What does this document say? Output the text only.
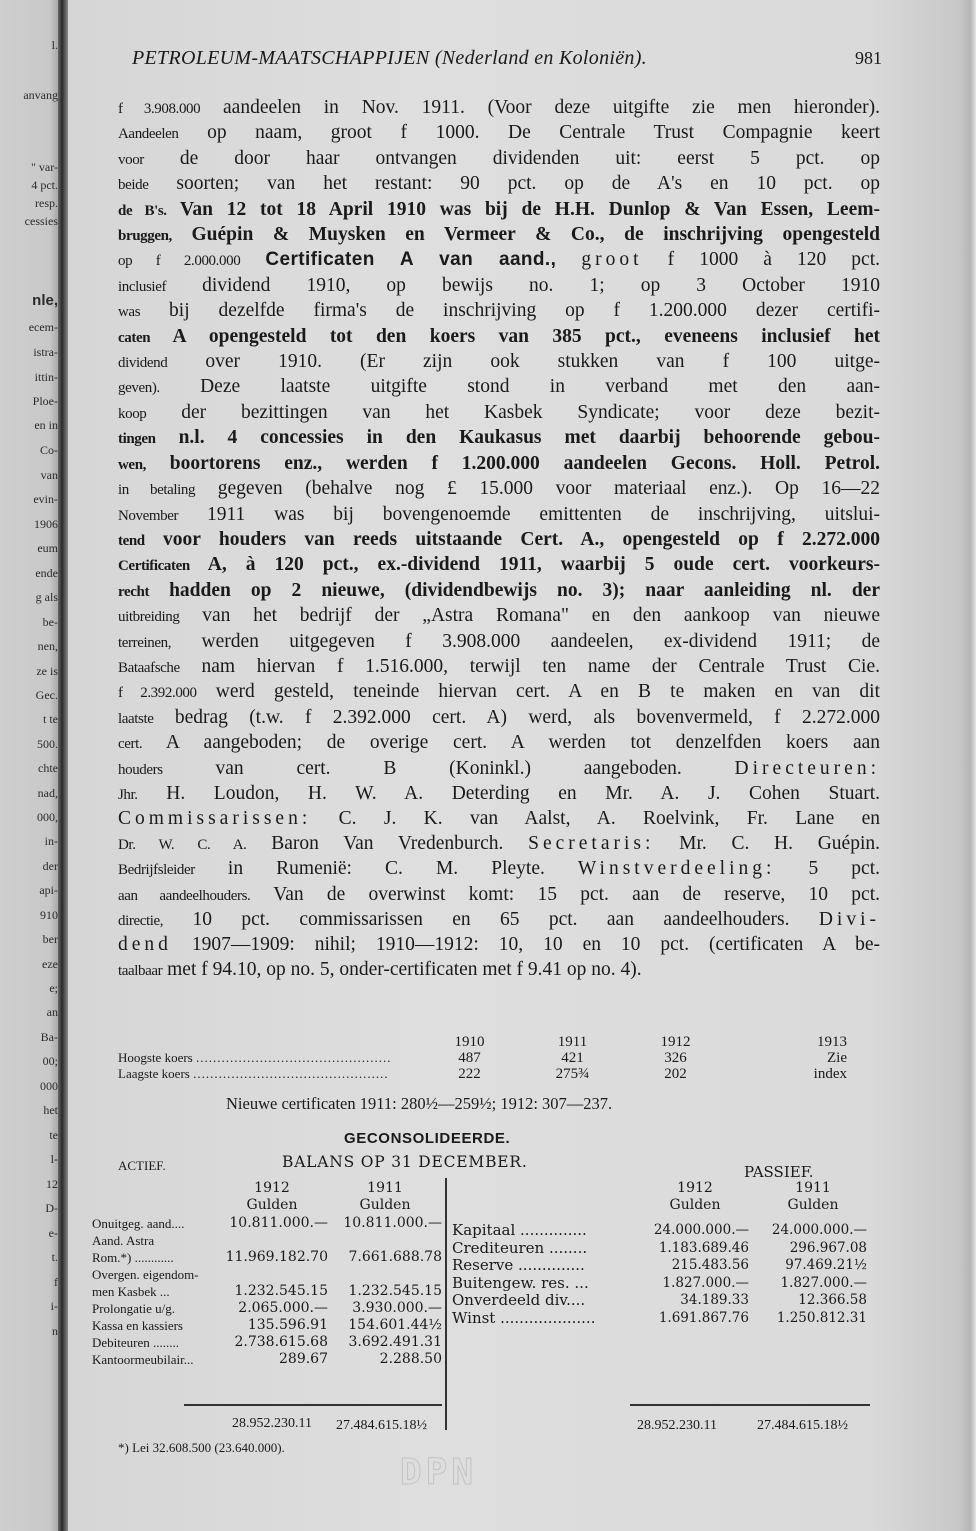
l.
anvang
" var-
4 pct.
resp.
cessies
nle,
ecem-
istra-
ittin-
Ploe-
en in
Co-
van
evin-
1906
eum
ende
g als
be-
nen,
ze is
Gec.
t te
500.
chte
nad,
000,
in-
der
api-
910
ber
eze
e;
an
Ba-
00;
000
het
te
l-
12
D-
e-
t.
f
i-
n
PETROLEUM-MAATSCHAPPIJEN (Nederland en Koloniën).	981
f 3.908.000 aandeelen in Nov. 1911. (Voor deze uitgifte zie men hieronder).
Aandeelen op naam, groot f 1000. De Centrale Trust Compagnie keert
voor de door haar ontvangen dividenden uit: eerst 5 pct. op
beide soorten; van het restant: 90 pct. op de A's en 10 pct. op
de B's. Van 12 tot 18 April 1910 was bij de H.H. Dunlop & Van Essen, Leem-
bruggen, Guépin & Muysken en Vermeer & Co., de inschrijving opengesteld
op f 2.000.000 Certificaten A van aand., groot f 1000 à 120 pct.
inclusief dividend 1910, op bewijs no. 1; op 3 October 1910
was bij dezelfde firma's de inschrijving op f 1.200.000 dezer certifi-
caten A opengesteld tot den koers van 385 pct., eveneens inclusief het
dividend over 1910. (Er zijn ook stukken van f 100 uitge-
geven). Deze laatste uitgifte stond in verband met den aan-
koop der bezittingen van het Kasbek Syndicate; voor deze bezit-
tingen n.l. 4 concessies in den Kaukasus met daarbij behoorende gebou-
wen, boortorens enz., werden f 1.200.000 aandeelen Gecons. Holl. Petrol.
in betaling gegeven (behalve nog £ 15.000 voor materiaal enz.). Op 16—22
November 1911 was bij bovengenoemde emittenten de inschrijving, uitslui-
tend voor houders van reeds uitstaande Cert. A., opengesteld op f 2.272.000
Certificaten A, à 120 pct., ex.-dividend 1911, waarbij 5 oude cert. voorkeurs-
recht hadden op 2 nieuwe, (dividendbewijs no. 3); naar aanleiding nl. der
uitbreiding van het bedrijf der „Astra Romana" en den aankoop van nieuwe
terreinen, werden uitgegeven f 3.908.000 aandeelen, ex-dividend 1911; de
Bataafsche nam hiervan f 1.516.000, terwijl ten name der Centrale Trust Cie.
f 2.392.000 werd gesteld, teneinde hiervan cert. A en B te maken en van dit
laatste bedrag (t.w. f 2.392.000 cert. A) werd, als bovenvermeld, f 2.272.000
cert. A aangeboden; de overige cert. A werden tot denzelfden koers aan
houders van cert. B (Koninkl.) aangeboden.	Directeuren:
Jhr. H. Loudon, H. W. A. Deterding en Mr. A. J. Cohen Stuart.
Commissarissen: C. J. K. van Aalst, A. Roelvink, Fr. Lane en
Dr. W. C. A. Baron Van Vredenburch. Secretaris: Mr. C. H. Guépin.
Bedrijfsleider in Rumenië: C. M. Pleyte. Winstverdeeling: 5 pct.
aan aandeelhouders. Van de overwinst komt: 15 pct. aan de reserve, 10 pct.
directie, 10 pct. commissarissen en 65 pct. aan aandeelhouders. Divi-
dend 1907—1909: nihil; 1910—1912: 10, 10 en 10 pct. (certificaten A be-
taalbaar met f 94.10, op no. 5, onder-certificaten met f 9.41 op no. 4).
1910	1911	1912	1913
Hoogste koers ..............................................	487	421	326	Zie
Laagste koers ..............................................	222	275¾	202	index
Nieuwe certificaten 1911: 280½—259½; 1912: 307—237.
GECONSOLIDEERDE.
ACTIEF.	BALANS OP 31 DECEMBER.
PASSIEF.
1912
Gulden
1911
Gulden
1912
Gulden
1911
Gulden
Onuitgeg. aand....	10.811.000.—	10.811.000.—
Aand. Astra
Rom.*) ............	11.969.182.70	7.661.688.78
Overgen. eigendom-
men Kasbek ...	1.232.545.15	1.232.545.15
Prolongatie u/g.	2.065.000.—	3.930.000.—
Kassa en kassiers	135.596.91	154.601.44½
Debiteuren ........	2.738.615.68	3.692.491.31
Kantoormeubilair...	289.67	2.288.50
Kapitaal ..............	24.000.000.—	24.000.000.—
Crediteuren ........	1.183.689.46	296.967.08
Reserve ..............	215.483.56	97.469.21½
Buitengew. res. ...	1.827.000.—	1.827.000.—
Onverdeeld div....	34.189.33	12.366.58
Winst ....................	1.691.867.76	1.250.812.31
28.952.230.11 27.484.615.18½	28.952.230.11	27.484.615.18½
*) Lei 32.608.500 (23.640.000).
DPN
